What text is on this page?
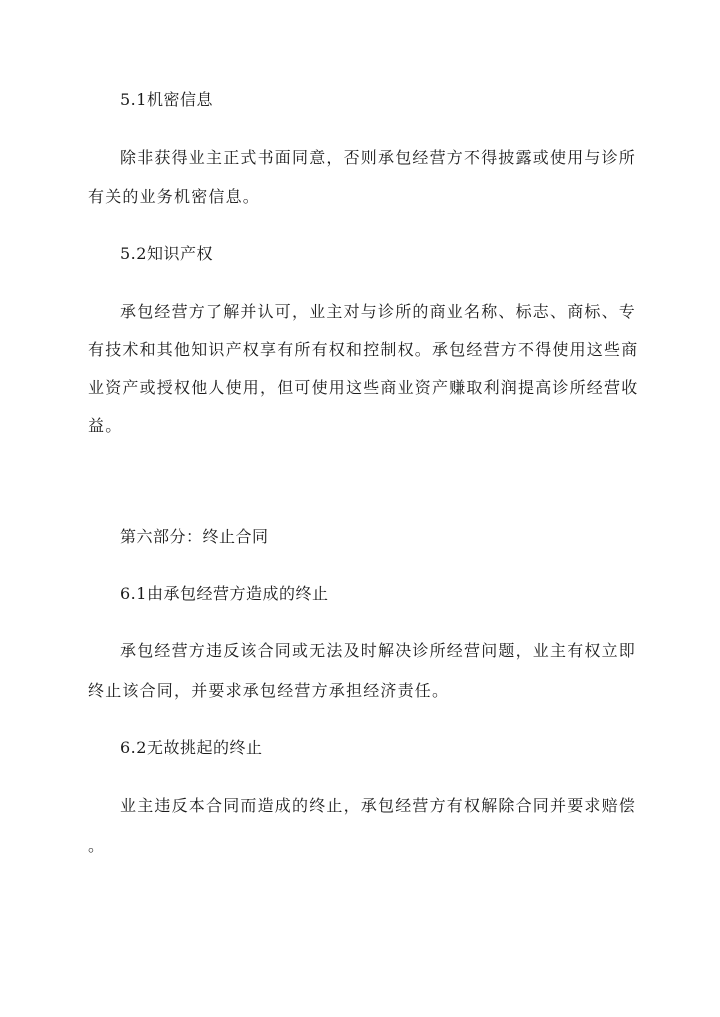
5.1机密信息
除非获得业主正式书面同意，否则承包经营方不得披露或使用与诊所
有关的业务机密信息。
5.2知识产权
承包经营方了解并认可，业主对与诊所的商业名称、标志、商标、专
有技术和其他知识产权享有所有权和控制权。承包经营方不得使用这些商
业资产或授权他人使用，但可使用这些商业资产赚取利润提高诊所经营收
益。
第六部分：终止合同
6.1由承包经营方造成的终止
承包经营方违反该合同或无法及时解决诊所经营问题，业主有权立即
终止该合同，并要求承包经营方承担经济责任。
6.2无故挑起的终止
业主违反本合同而造成的终止，承包经营方有权解除合同并要求赔偿
。
